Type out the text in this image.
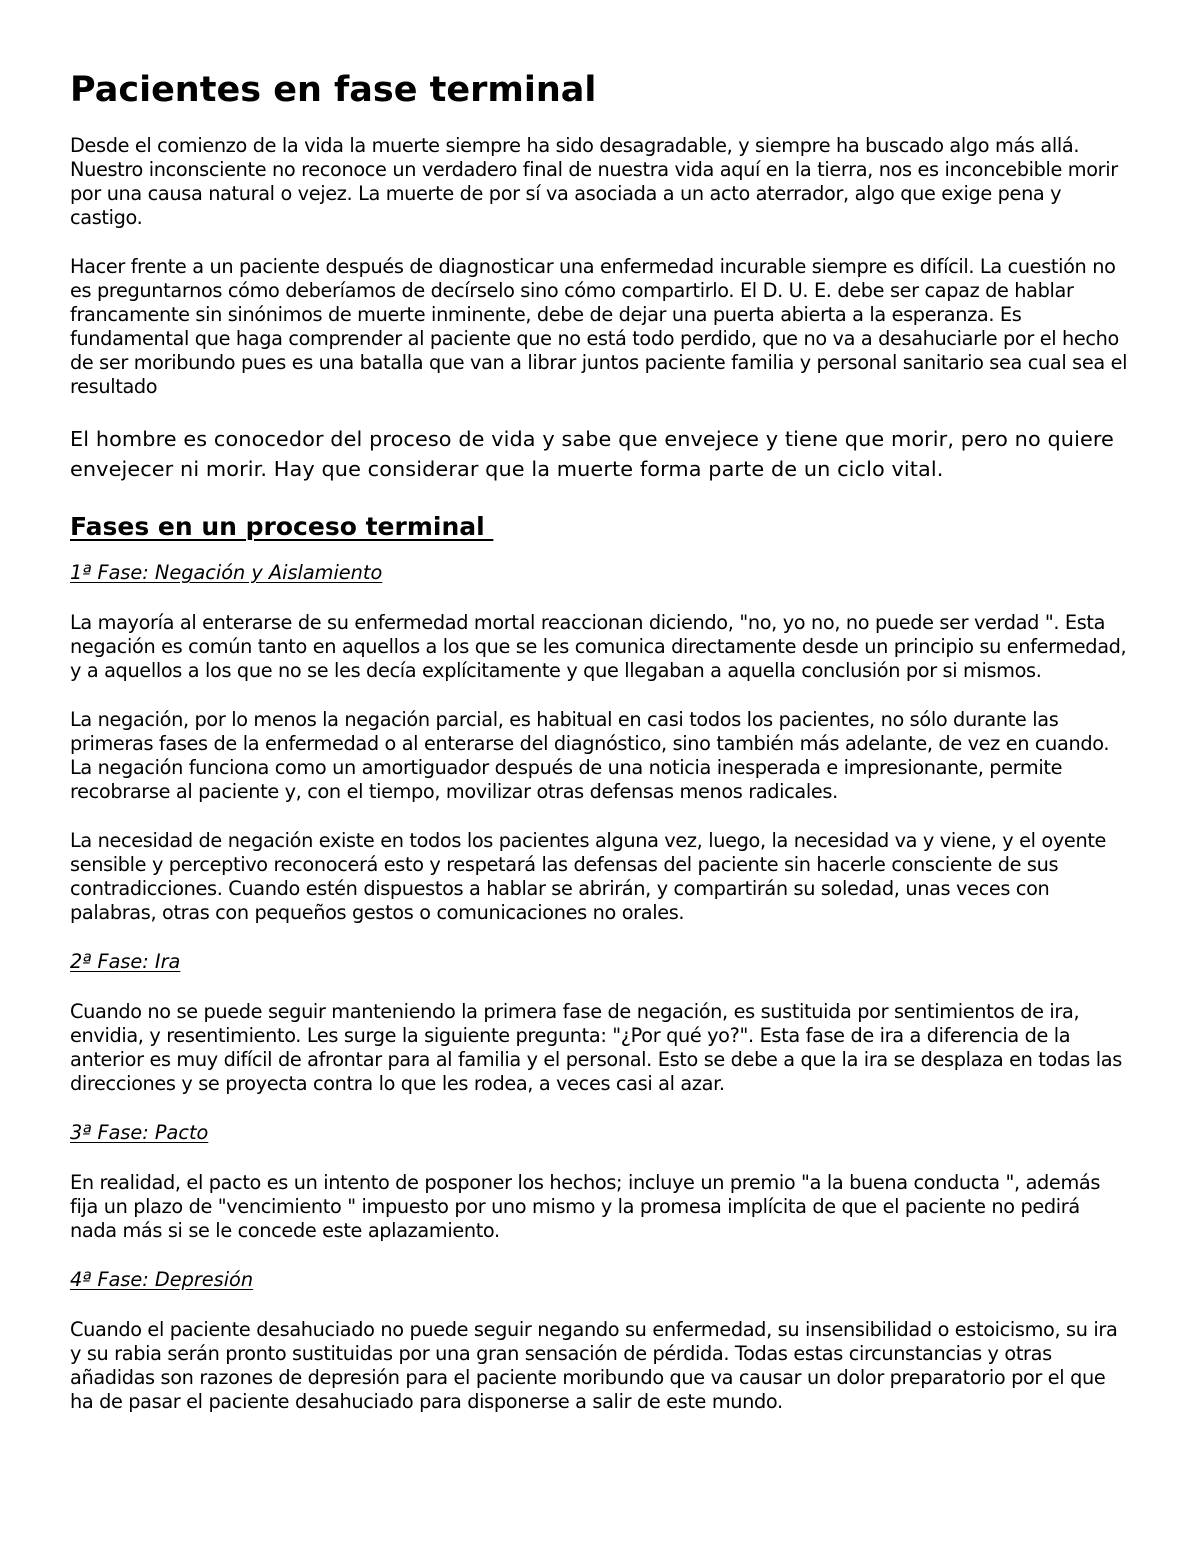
Pacientes en fase terminal

Desde el comienzo de la vida la muerte siempre ha sido desagradable, y siempre ha buscado algo más allá. Nuestro inconsciente no reconoce un verdadero final de nuestra vida aquí en la tierra, nos es inconcebible morir por una causa natural o vejez. La muerte de por sí va asociada a un acto aterrador, algo que exige pena y castigo.

Hacer frente a un paciente después de diagnosticar una enfermedad incurable siempre es difícil. La cuestión no es preguntarnos cómo deberíamos de decírselo sino cómo compartirlo. El D. U. E. debe ser capaz de hablar francamente sin sinónimos de muerte inminente, debe de dejar una puerta abierta a la esperanza. Es fundamental que haga comprender al paciente que no está todo perdido, que no va a desahuciarle por el hecho de ser moribundo pues es una batalla que van a librar juntos paciente familia y personal sanitario sea cual sea el resultado

El hombre es conocedor del proceso de vida y sabe que envejece y tiene que morir, pero no quiere envejecer ni morir. Hay que considerar que la muerte forma parte de un ciclo vital.

Fases en un proceso terminal

1ª Fase: Negación y Aislamiento

La mayoría al enterarse de su enfermedad mortal reaccionan diciendo, "no, yo no, no puede ser verdad ". Esta negación es común tanto en aquellos a los que se les comunica directamente desde un principio su enfermedad, y a aquellos a los que no se les decía explícitamente y que llegaban a aquella conclusión por si mismos.

La negación, por lo menos la negación parcial, es habitual en casi todos los pacientes, no sólo durante las primeras fases de la enfermedad o al enterarse del diagnóstico, sino también más adelante, de vez en cuando. La negación funciona como un amortiguador después de una noticia inesperada e impresionante, permite recobrarse al paciente y, con el tiempo, movilizar otras defensas menos radicales.

La necesidad de negación existe en todos los pacientes alguna vez, luego, la necesidad va y viene, y el oyente sensible y perceptivo reconocerá esto y respetará las defensas del paciente sin hacerle consciente de sus contradicciones. Cuando estén dispuestos a hablar se abrirán, y compartirán su soledad, unas veces con palabras, otras con pequeños gestos o comunicaciones no orales.

2ª Fase: Ira

Cuando no se puede seguir manteniendo la primera fase de negación, es sustituida por sentimientos de ira, envidia, y resentimiento. Les surge la siguiente pregunta: "¿Por qué yo?". Esta fase de ira a diferencia de la anterior es muy difícil de afrontar para al familia y el personal. Esto se debe a que la ira se desplaza en todas las direcciones y se proyecta contra lo que les rodea, a veces casi al azar.

3ª Fase: Pacto

En realidad, el pacto es un intento de posponer los hechos; incluye un premio "a la buena conducta ", además fija un plazo de "vencimiento " impuesto por uno mismo y la promesa implícita de que el paciente no pedirá nada más si se le concede este aplazamiento.

4ª Fase: Depresión

Cuando el paciente desahuciado no puede seguir negando su enfermedad, su insensibilidad o estoicismo, su ira y su rabia serán pronto sustituidas por una gran sensación de pérdida. Todas estas circunstancias y otras añadidas son razones de depresión para el paciente moribundo que va causar un dolor preparatorio por el que ha de pasar el paciente desahuciado para disponerse a salir de este mundo.
